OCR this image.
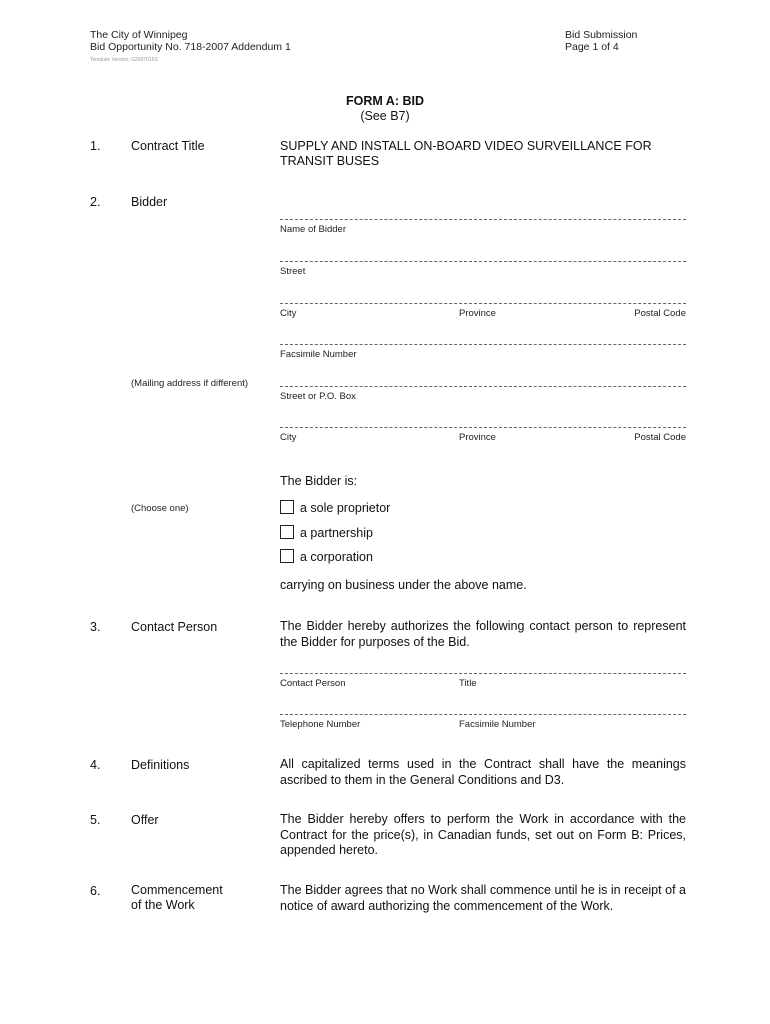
The City of Winnipeg
Bid Opportunity No. 718-2007 Addendum 1
Template Version: G2007016S
Bid Submission
Page 1 of 4
FORM A: BID
(See B7)
1. Contract Title	SUPPLY AND INSTALL ON-BOARD VIDEO SURVEILLANCE FOR
TRANSIT BUSES
2. Bidder
Name of Bidder
Street
City	Province	Postal Code
Facsimile Number
(Mailing address if different)
Street or P.O. Box
City	Province	Postal Code
The Bidder is:
(Choose one)	a sole proprietor
a partnership
a corporation
carrying on business under the above name.
3. Contact Person	The Bidder hereby authorizes the following contact person to represent the Bidder for purposes of the Bid.
Contact Person	Title
Telephone Number	Facsimile Number
4. Definitions	All capitalized terms used in the Contract shall have the meanings ascribed to them in the General Conditions and D3.
5. Offer	The Bidder hereby offers to perform the Work in accordance with the Contract for the price(s), in Canadian funds, set out on Form B: Prices, appended hereto.
6. Commencement
of the Work
The Bidder agrees that no Work shall commence until he is in receipt of a notice of award authorizing the commencement of the Work.
